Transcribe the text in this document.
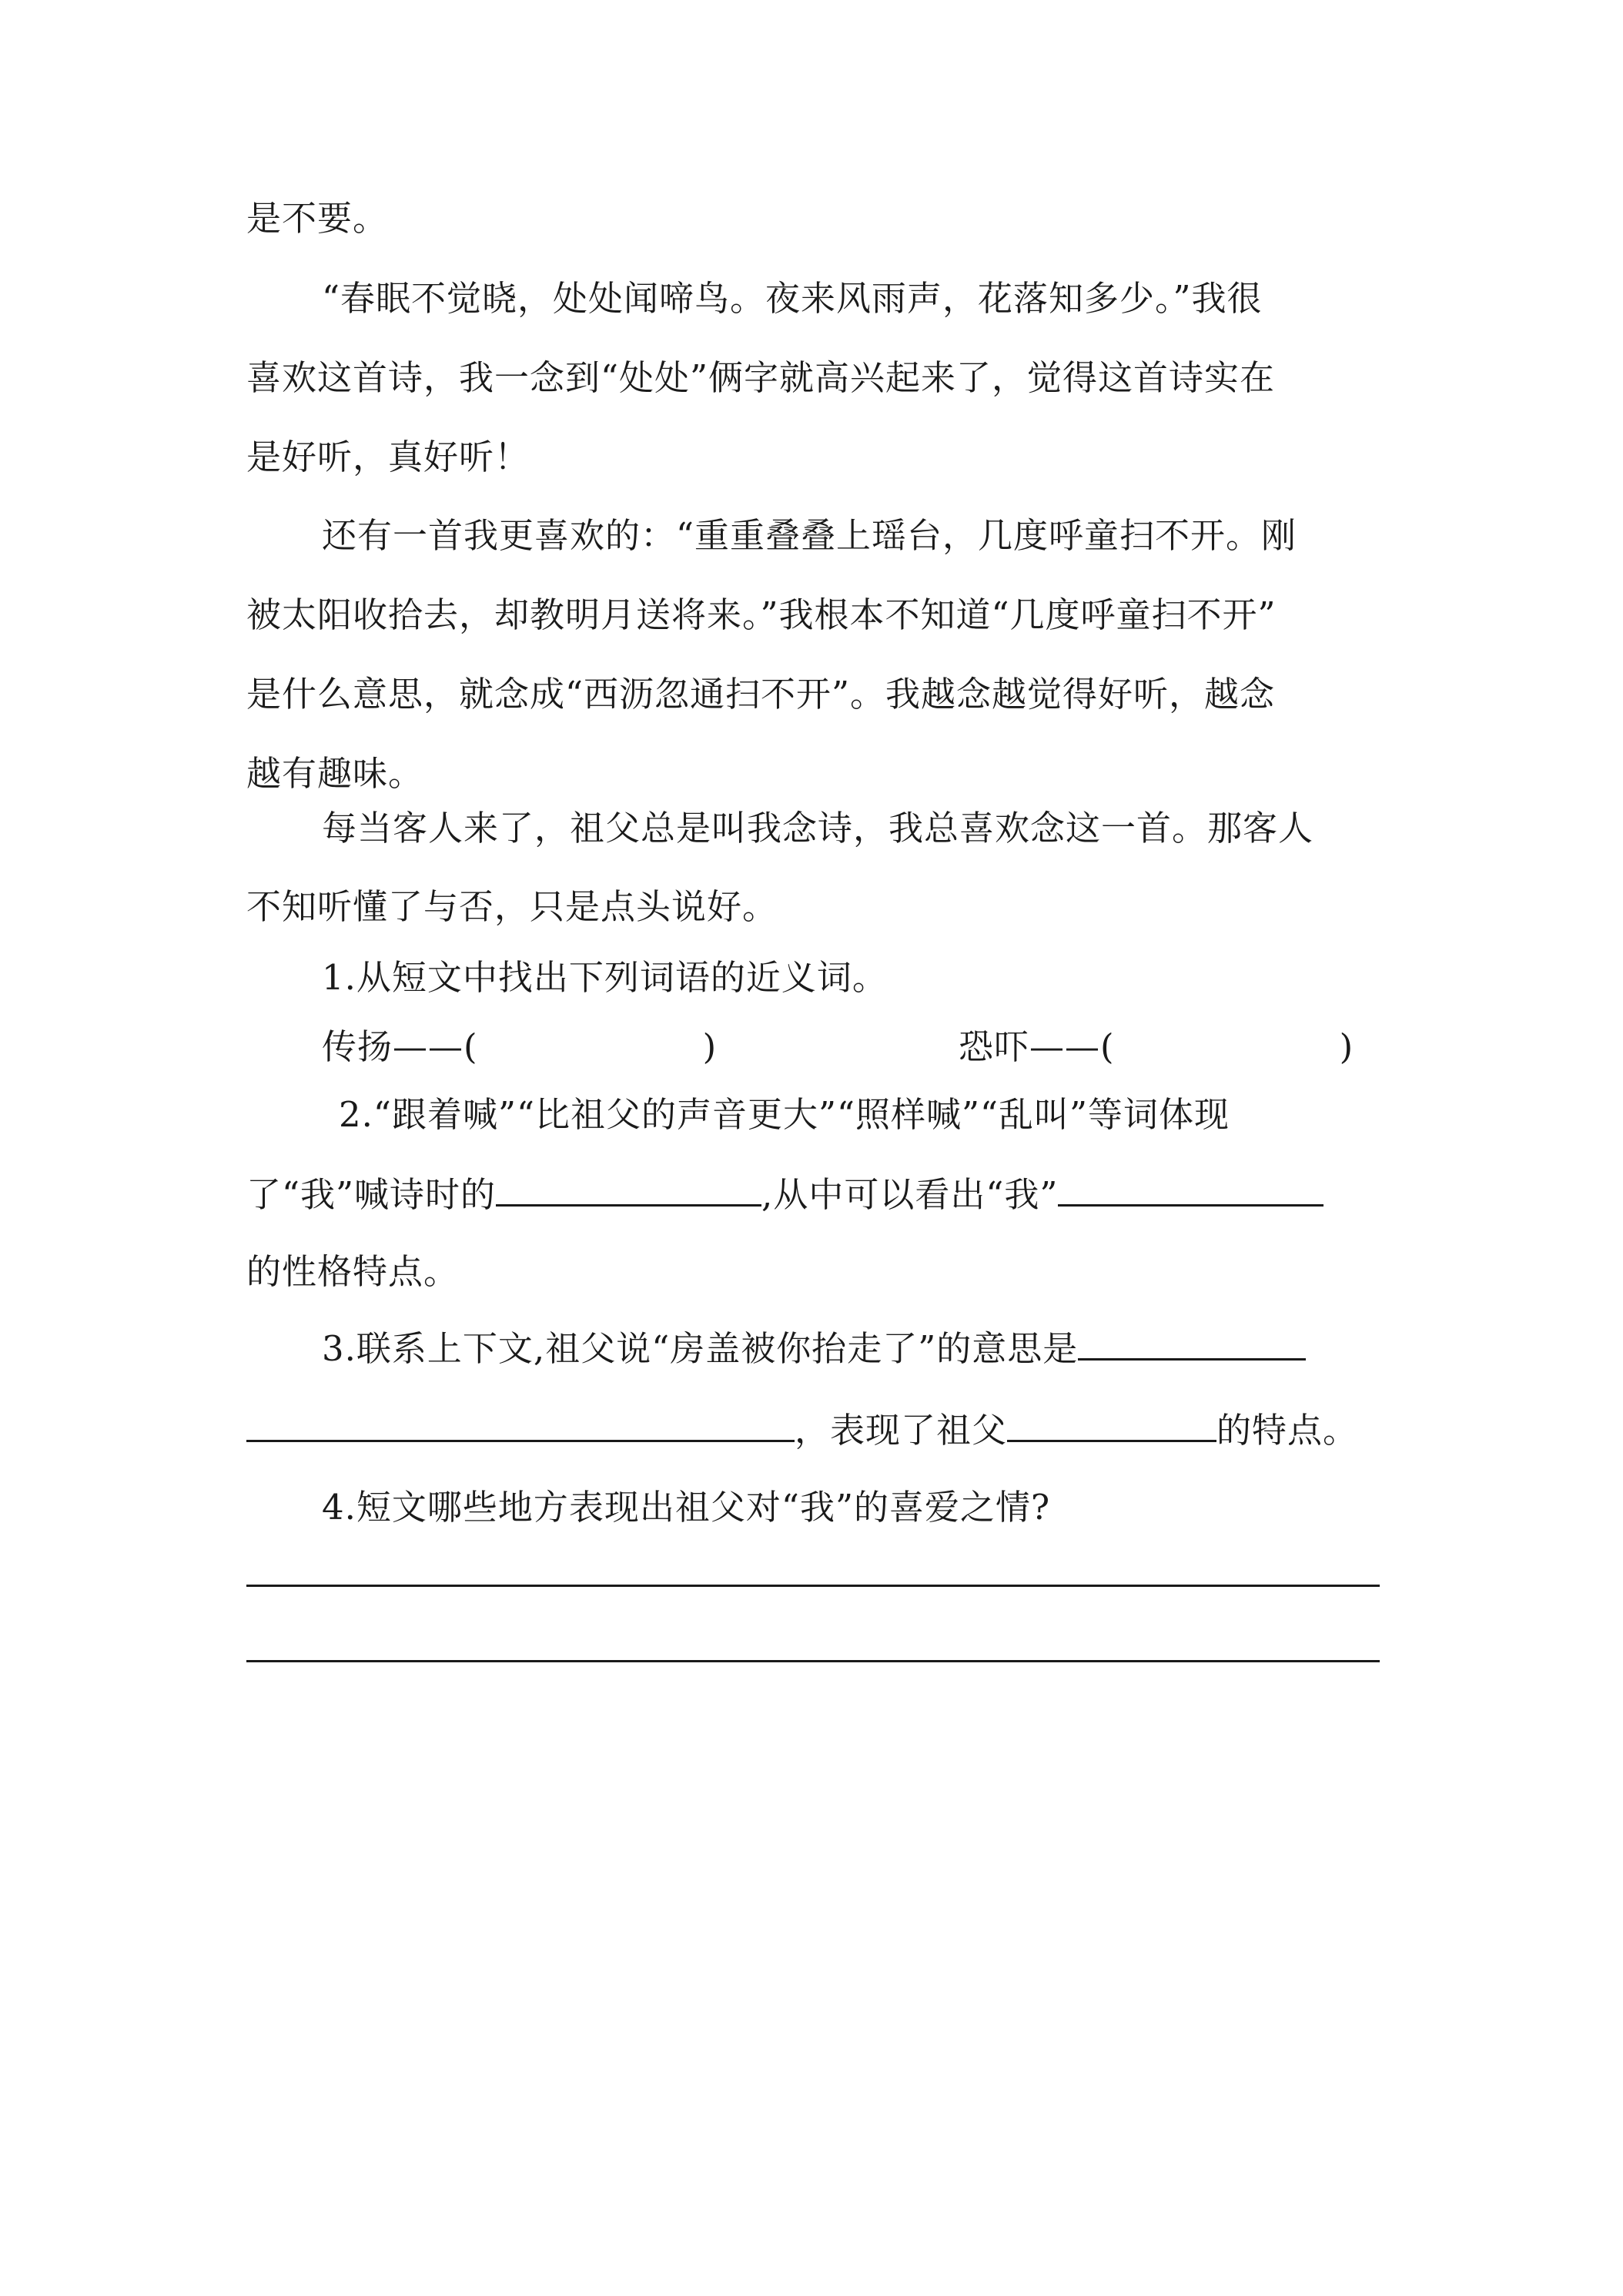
是不要。
“春眠不觉晓，处处闻啼鸟。夜来风雨声，花落知多少。”我很
喜欢这首诗，我一念到“处处”俩字就高兴起来了，觉得这首诗实在
是好听，真好听！
还有一首我更喜欢的：“重重叠叠上瑶台，几度呼童扫不开。刚
被太阳收拾去，却教明月送将来。”我根本不知道“几度呼童扫不开”
是什么意思，就念成“西沥忽通扫不开”。我越念越觉得好听，越念
越有趣味。
每当客人来了，祖父总是叫我念诗，我总喜欢念这一首。那客人
不知听懂了与否，只是点头说好。
1.从短文中找出下列词语的近义词。
传扬——(	)	恐吓——(	)
2.“跟着喊”“比祖父的声音更大”“照样喊”“乱叫”等词体现
了“我”喊诗时的	,从中可以看出“我”
的性格特点。
3.联系上下文,祖父说“房盖被你抬走了”的意思是
，表现了祖父	的特点。
4.短文哪些地方表现出祖父对“我”的喜爱之情?
